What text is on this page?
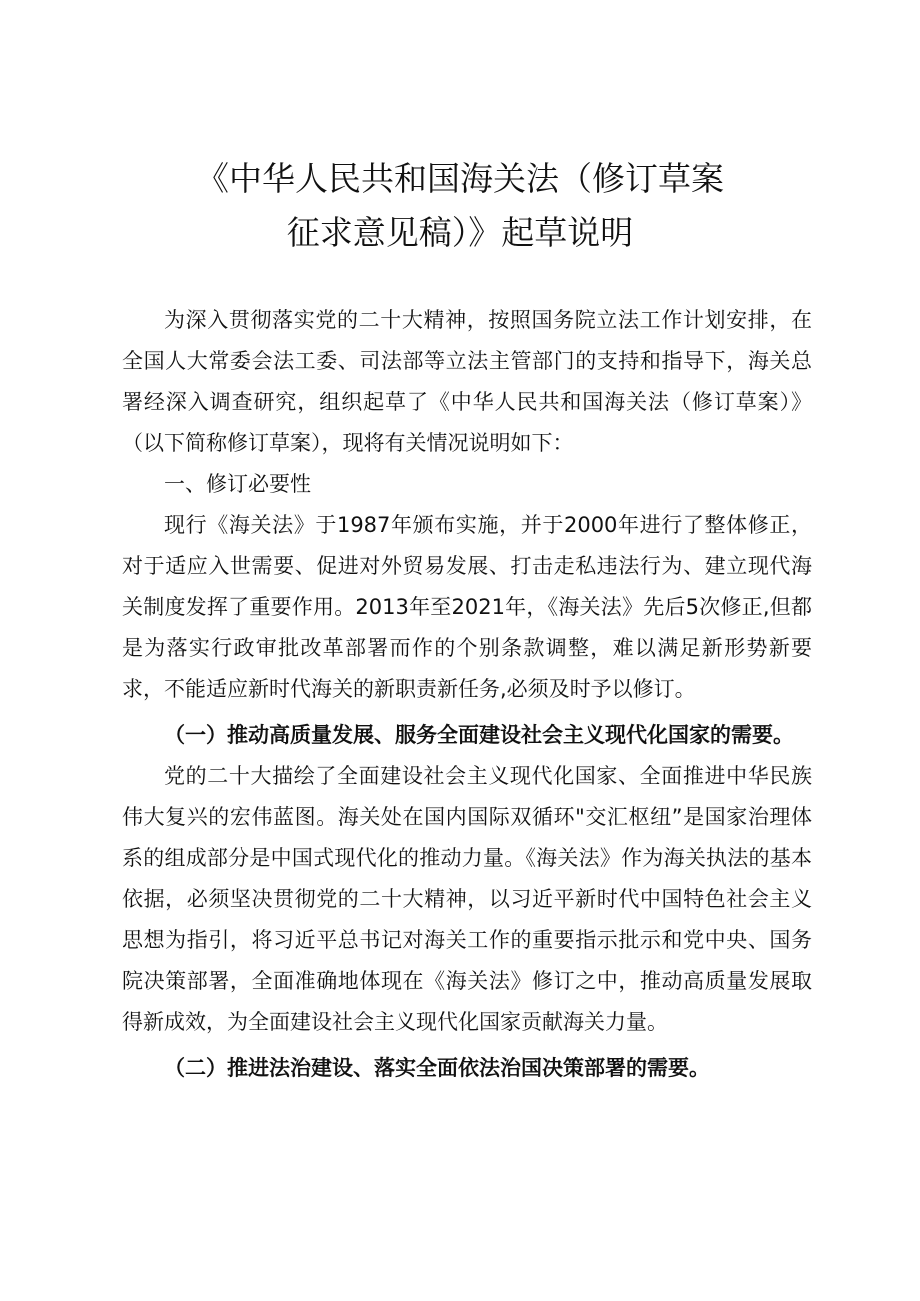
《中华人民共和国海关法（修订草案
征求意见稿）》起草说明

为深入贯彻落实党的二十大精神，按照国务院立法工作计划安排，在全国人大常委会法工委、司法部等立法主管部门的支持和指导下，海关总署经深入调查研究，组织起草了《中华人民共和国海关法（修订草案）》（以下简称修订草案），现将有关情况说明如下：

一、修订必要性

现行《海关法》于1987年颁布实施，并于2000年进行了整体修正，对于适应入世需要、促进对外贸易发展、打击走私违法行为、建立现代海关制度发挥了重要作用。2013年至2021年，《海关法》先后5次修正,但都是为落实行政审批改革部署而作的个别条款调整，难以满足新形势新要求，不能适应新时代海关的新职责新任务,必须及时予以修订。

（一）推动高质量发展、服务全面建设社会主义现代化国家的需要。

党的二十大描绘了全面建设社会主义现代化国家、全面推进中华民族伟大复兴的宏伟蓝图。海关处在国内国际双循环"交汇枢纽”是国家治理体系的组成部分是中国式现代化的推动力量。《海关法》作为海关执法的基本依据，必须坚决贯彻党的二十大精神，以习近平新时代中国特色社会主义思想为指引，将习近平总书记对海关工作的重要指示批示和党中央、国务院决策部署，全面准确地体现在《海关法》修订之中，推动高质量发展取得新成效，为全面建设社会主义现代化国家贡献海关力量。

（二）推进法治建设、落实全面依法治国决策部署的需要。
